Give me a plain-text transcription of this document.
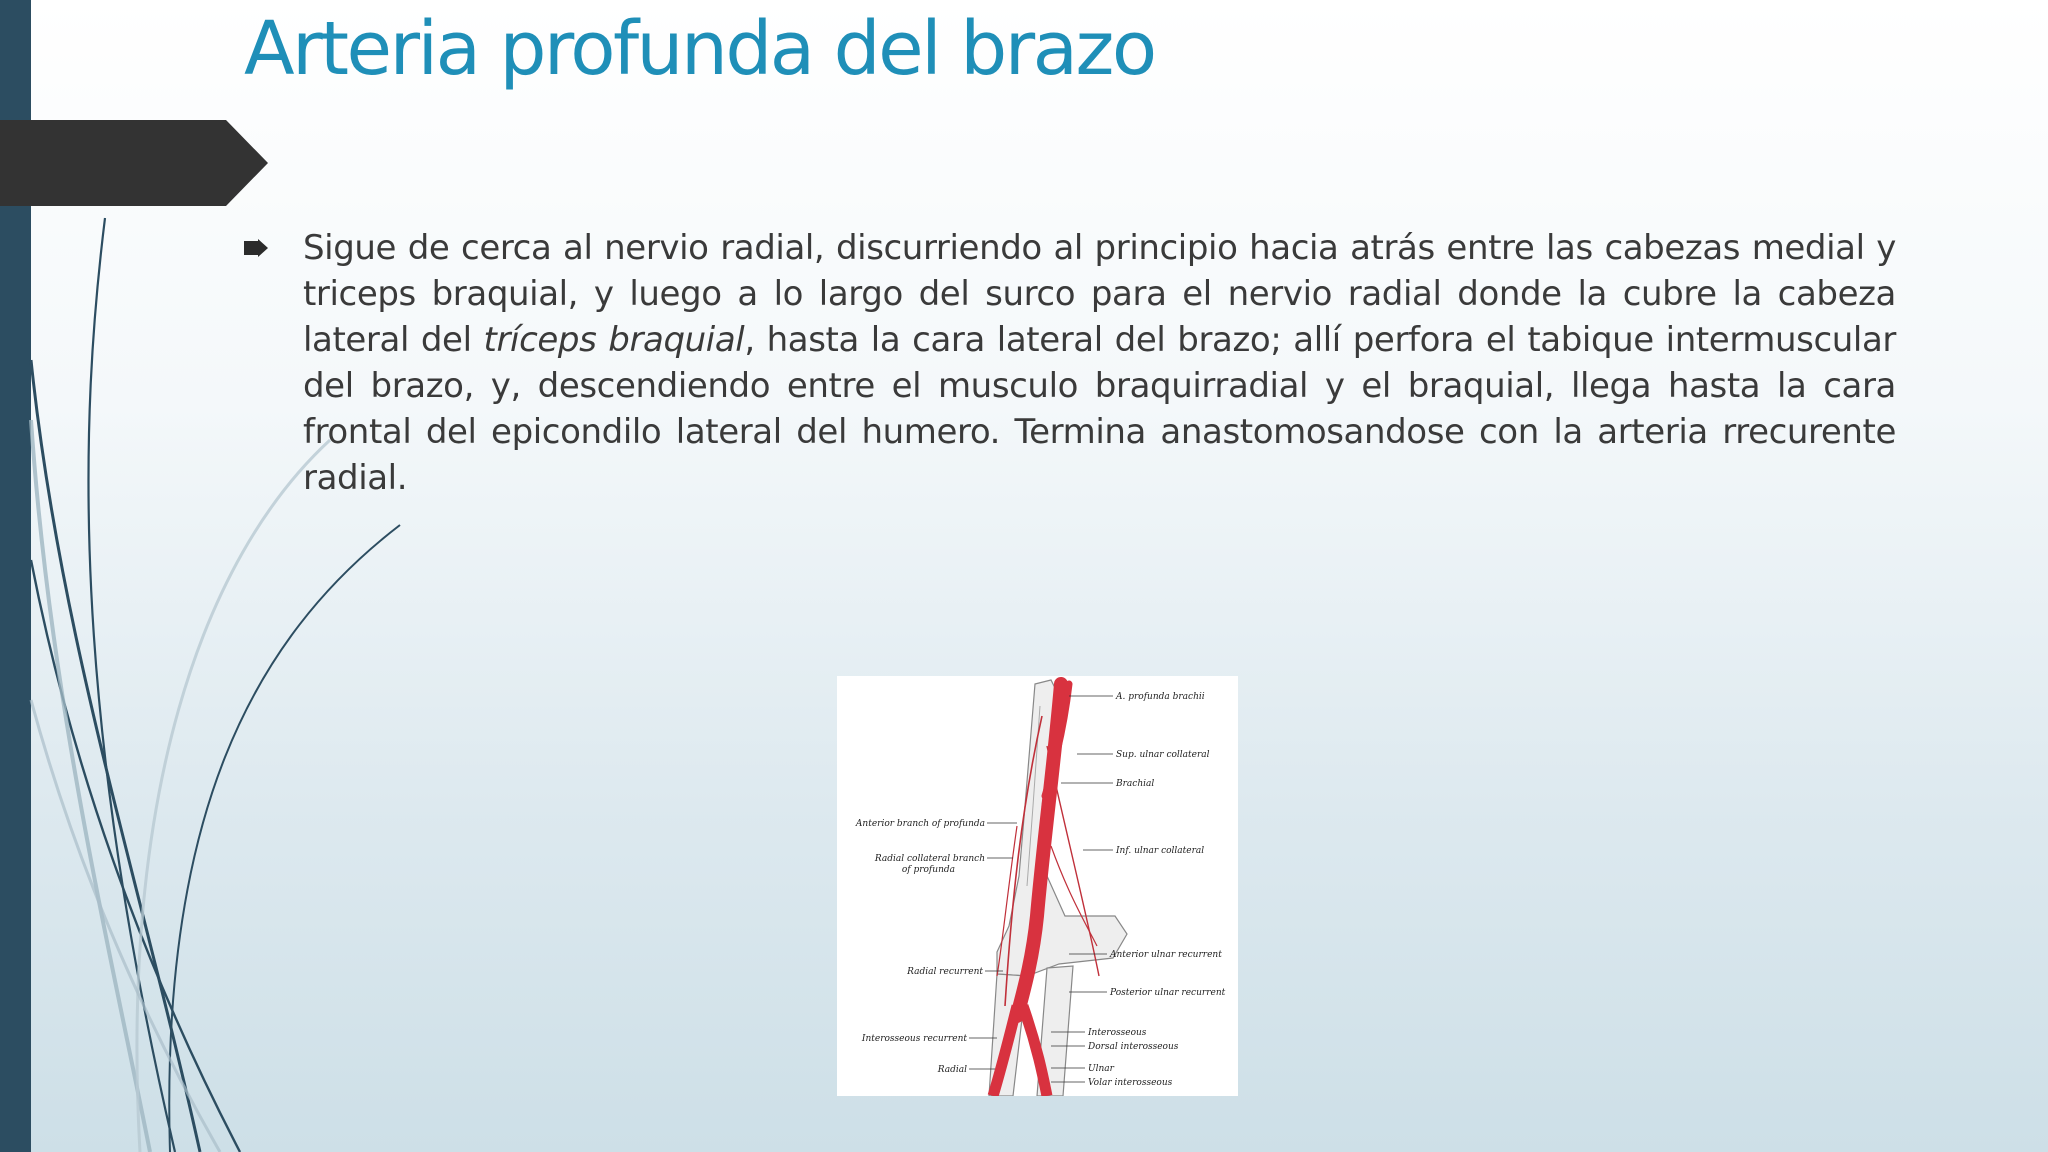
Arteria profunda del brazo

Sigue de cerca al nervio radial, discurriendo al principio hacia atrás entre las cabezas medial y triceps braquial, y luego a lo largo del surco para el nervio radial donde la cubre la cabeza lateral del tríceps braquial, hasta la cara lateral del brazo; allí perfora el tabique intermuscular del brazo, y, descendiendo entre el musculo braquirradial y el braquial, llega hasta la cara frontal del epicondilo lateral del humero. Termina anastomosandose con la arteria rrecurente radial.

A. profunda brachii
Sup. ulnar collateral
Brachial
Inf. ulnar collateral
Anterior ulnar recurrent
Posterior ulnar recurrent
Interosseous
Dorsal interosseous
Ulnar
Volar interosseous
Anterior branch of profunda
Radial collateral branch
of profunda
Radial recurrent
Interosseous recurrent
Radial
